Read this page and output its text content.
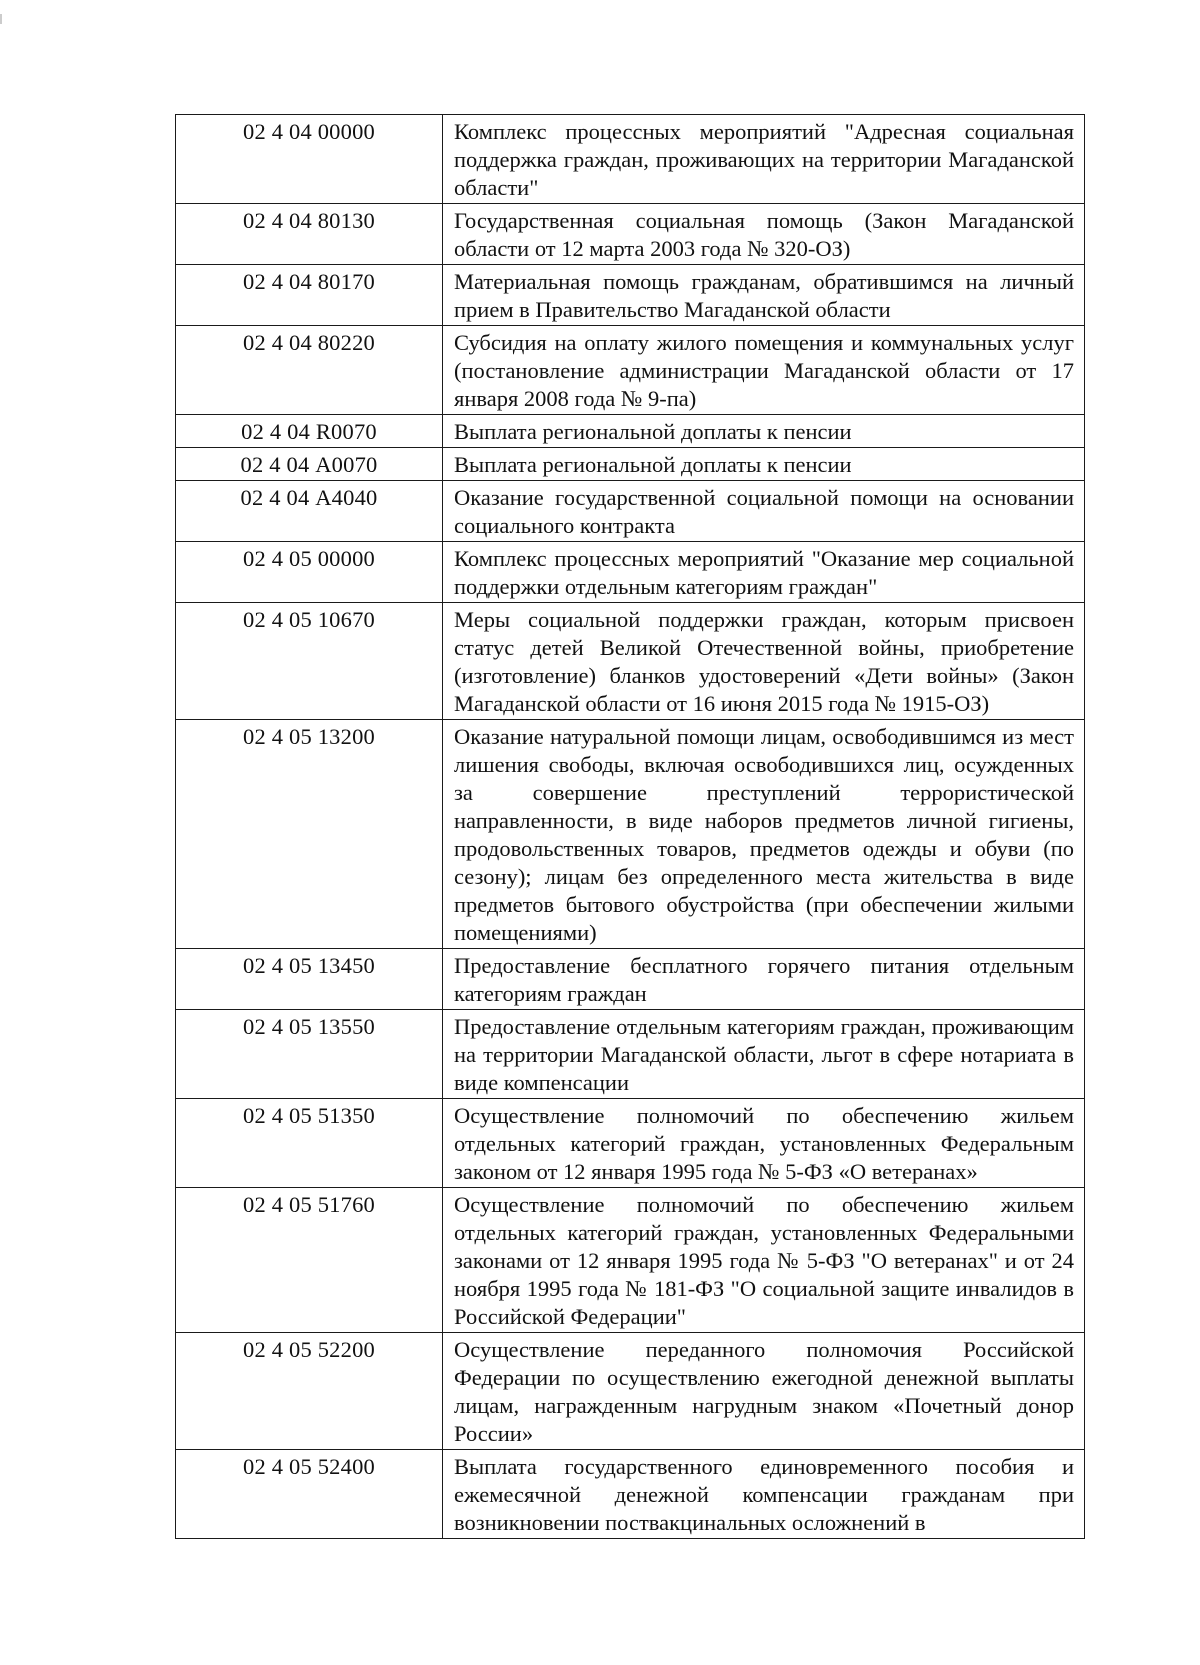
02 4 04 00000	Комплекс процессных мероприятий "Адресная социальная поддержка граждан, проживающих на территории Магаданской области"
02 4 04 80130	Государственная социальная помощь (Закон Магаданской области от 12 марта 2003 года № 320-ОЗ)
02 4 04 80170	Материальная помощь гражданам, обратившимся на личный прием в Правительство Магаданской области
02 4 04 80220	Субсидия на оплату жилого помещения и коммунальных услуг (постановление администрации Магаданской области от 17 января 2008 года № 9-па)
02 4 04 R0070	Выплата региональной доплаты к пенсии
02 4 04 А0070	Выплата региональной доплаты к пенсии
02 4 04 А4040	Оказание государственной социальной помощи на основании социального контракта
02 4 05 00000	Комплекс процессных мероприятий "Оказание мер социальной поддержки отдельным категориям граждан"
02 4 05 10670	Меры социальной поддержки граждан, которым присвоен статус детей Великой Отечественной войны, приобретение (изготовление) бланков удостоверений «Дети войны» (Закон Магаданской области от 16 июня 2015 года № 1915-ОЗ)
02 4 05 13200	Оказание натуральной помощи лицам, освободившимся из мест лишения свободы, включая освободившихся лиц, осужденных за совершение преступлений террористической направленности, в виде наборов предметов личной гигиены, продовольственных товаров, предметов одежды и обуви (по сезону); лицам без определенного места жительства в виде предметов бытового обустройства (при обеспечении жилыми помещениями)
02 4 05 13450	Предоставление бесплатного горячего питания отдельным категориям граждан
02 4 05 13550	Предоставление отдельным категориям граждан, проживающим на территории Магаданской области, льгот в сфере нотариата в виде компенсации
02 4 05 51350	Осуществление полномочий по обеспечению жильем отдельных категорий граждан, установленных Федеральным законом от 12 января 1995 года № 5-ФЗ «О ветеранах»
02 4 05 51760	Осуществление полномочий по обеспечению жильем отдельных категорий граждан, установленных Федеральными законами от 12 января 1995 года № 5-ФЗ "О ветеранах" и от 24 ноября 1995 года № 181-ФЗ "О социальной защите инвалидов в Российской Федерации"
02 4 05 52200	Осуществление переданного полномочия Российской Федерации по осуществлению ежегодной денежной выплаты лицам, награжденным нагрудным знаком «Почетный донор России»
02 4 05 52400	Выплата государственного единовременного пособия и ежемесячной денежной компенсации гражданам при возникновении поствакцинальных осложнений в
